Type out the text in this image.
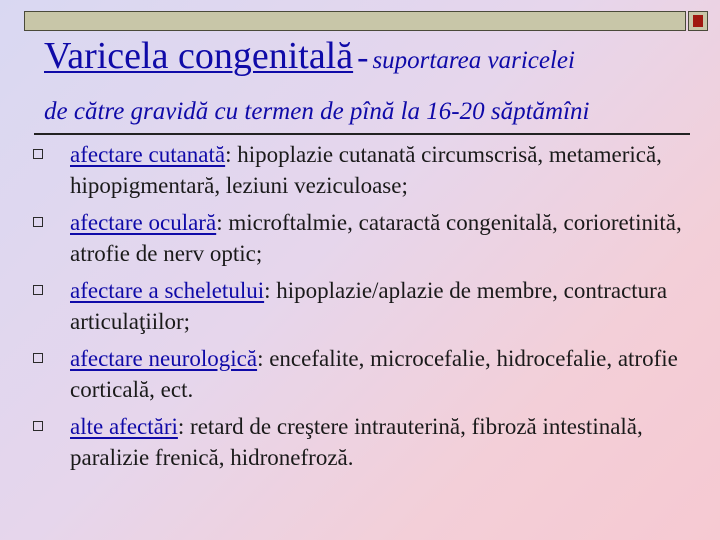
Varicela congenitală - suportarea varicelei
de către gravidă cu termen de pînă la 16-20 săptămîni
afectare cutanată: hipoplazie cutanată circumscrisă, metamerică, hipopigmentară, leziuni veziculoase;
afectare oculară: microftalmie, cataractă congenitală, corioretinită, atrofie de nerv optic;
afectare a scheletului: hipoplazie/aplazie de membre, contractura articulaţiilor;
afectare neurologică: encefalite, microcefalie, hidrocefalie, atrofie corticală, ect.
alte afectări: retard de creştere intrauterină, fibroză intestinală, paralizie frenică, hidronefroză.
